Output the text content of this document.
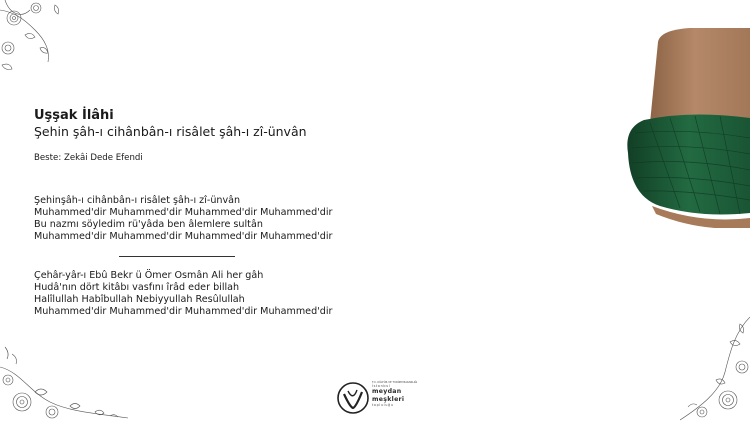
Uşşak İlâhi

Şehin şâh-ı cihânbân-ı risâlet şâh-ı zî-ünvân

Beste: Zekâi Dede Efendi
Şehinşâh-ı cihânbân-ı risâlet şâh-ı zî-ünvân
Muhammed'dir Muhammed'dir Muhammed'dir Muhammed'dir
Bu nazmı söyledim rü'yâda ben âlemlere sultân
Muhammed'dir Muhammed'dir Muhammed'dir Muhammed'dir
Çehâr-yâr-ı Ebû Bekr ü Ömer Osmân Ali her gâh
Hudâ'nın dört kitâbı vasfını îrâd eder billah
Halîlullah Habîbullah Nebiyyullah Resûlullah
Muhammed'dir Muhammed'dir Muhammed'dir Muhammed'dir
T.C. KÜLTÜR VE TURİZM BAKANLIĞI
İstanbul
meydan
meşkleri
topluluğu
